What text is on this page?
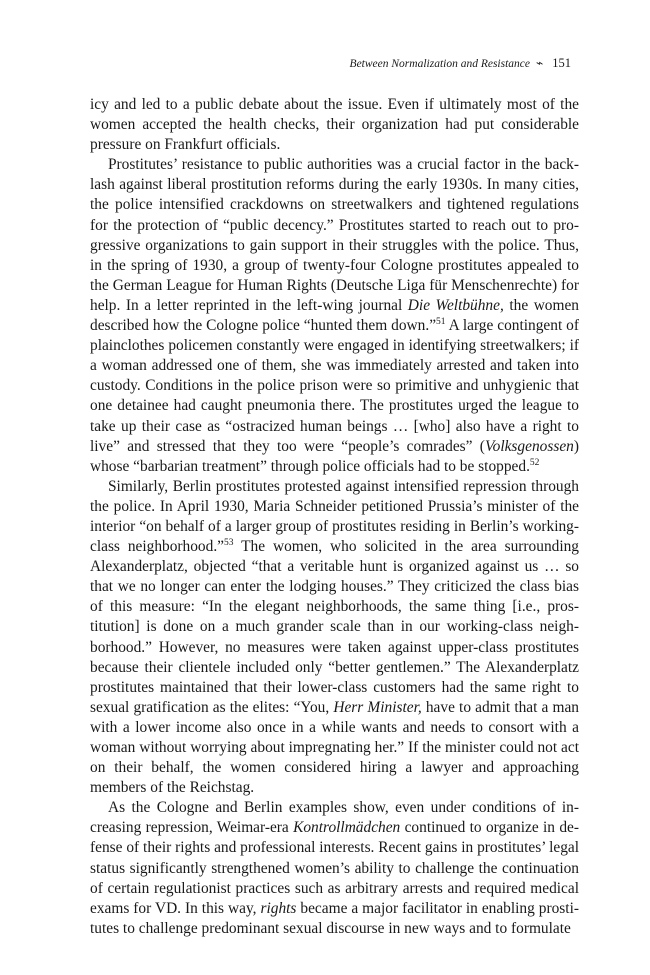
Between Normalization and Resistance ⌁ 151

icy and led to a public debate about the issue. Even if ultimately most of the women accepted the health checks, their organization had put considerable pressure on Frankfurt officials.

Prostitutes’ resistance to public authorities was a crucial factor in the backlash against liberal prostitution reforms during the early 1930s. In many cities, the police intensified crackdowns on streetwalkers and tightened regulations for the protection of “public decency.” Prostitutes started to reach out to progressive organizations to gain support in their struggles with the police. Thus, in the spring of 1930, a group of twenty-four Cologne prostitutes appealed to the German League for Human Rights (Deutsche Liga für Menschenrechte) for help. In a letter reprinted in the left-wing journal Die Weltbühne, the women described how the Cologne police “hunted them down.”$^{51}$ A large contingent of plainclothes policemen constantly were engaged in identifying streetwalkers; if a woman addressed one of them, she was immediately arrested and taken into custody. Conditions in the police prison were so primitive and unhygienic that one detainee had caught pneumonia there. The prostitutes urged the league to take up their case as “ostracized human beings … [who] also have a right to live” and stressed that they too were “people’s comrades” (Volksgenossen) whose “barbarian treatment” through police officials had to be stopped.$^{52}$

Similarly, Berlin prostitutes protested against intensified repression through the police. In April 1930, Maria Schneider petitioned Prussia’s minister of the interior “on behalf of a larger group of prostitutes residing in Berlin’s working-class neighborhood.”$^{53}$ The women, who solicited in the area surrounding Alexanderplatz, objected “that a veritable hunt is organized against us … so that we no longer can enter the lodging houses.” They criticized the class bias of this measure: “In the elegant neighborhoods, the same thing [i.e., prostitution] is done on a much grander scale than in our working-class neighborhood.” However, no measures were taken against upper-class prostitutes because their clientele included only “better gentlemen.” The Alexanderplatz prostitutes maintained that their lower-class customers had the same right to sexual gratification as the elites: “You, Herr Minister, have to admit that a man with a lower income also once in a while wants and needs to consort with a woman without worrying about impregnating her.” If the minister could not act on their behalf, the women considered hiring a lawyer and approaching members of the Reichstag.

As the Cologne and Berlin examples show, even under conditions of increasing repression, Weimar-era Kontrollmädchen continued to organize in defense of their rights and professional interests. Recent gains in prostitutes’ legal status significantly strengthened women’s ability to challenge the continuation of certain regulationist practices such as arbitrary arrests and required medical exams for VD. In this way, rights became a major facilitator in enabling prostitutes to challenge predominant sexual discourse in new ways and to formulate
